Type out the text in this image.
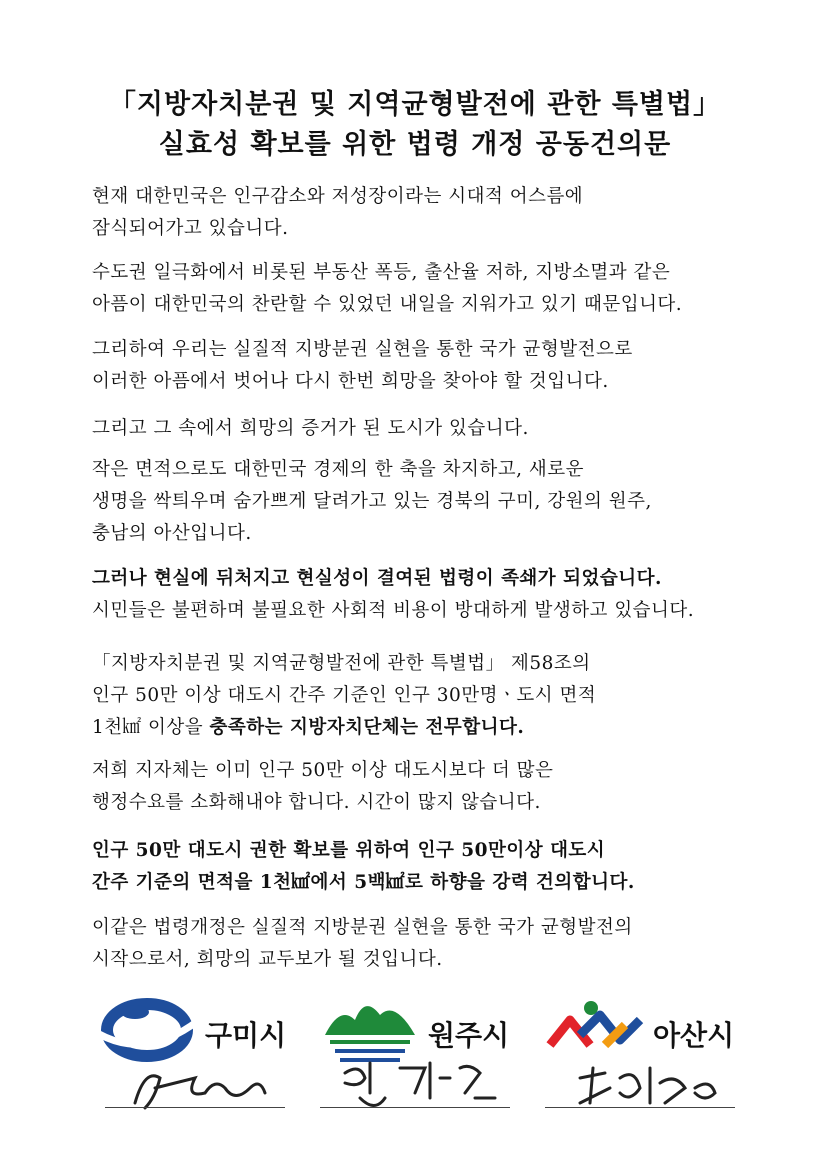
「지방자치분권 및 지역균형발전에 관한 특별법」
실효성 확보를 위한 법령 개정 공동건의문
현재 대한민국은 인구감소와 저성장이라는 시대적 어스름에
잠식되어가고 있습니다.
수도권 일극화에서 비롯된 부동산 폭등, 출산율 저하, 지방소멸과 같은
아픔이 대한민국의 찬란할 수 있었던 내일을 지워가고 있기 때문입니다.
그리하여 우리는 실질적 지방분권 실현을 통한 국가 균형발전으로
이러한 아픔에서 벗어나 다시 한번 희망을 찾아야 할 것입니다.
그리고 그 속에서 희망의 증거가 된 도시가 있습니다.
작은 면적으로도 대한민국 경제의 한 축을 차지하고, 새로운
생명을 싹틔우며 숨가쁘게 달려가고 있는 경북의 구미, 강원의 원주,
충남의 아산입니다.
그러나 현실에 뒤처지고 현실성이 결여된 법령이 족쇄가 되었습니다.
시민들은 불편하며 불필요한 사회적 비용이 방대하게 발생하고 있습니다.
「지방자치분권 및 지역균형발전에 관한 특별법」 제58조의
인구 50만 이상 대도시 간주 기준인 인구 30만명ㆍ도시 면적
1천㎢ 이상을 충족하는 지방자치단체는 전무합니다.
저희 지자체는 이미 인구 50만 이상 대도시보다 더 많은
행정수요를 소화해내야 합니다. 시간이 많지 않습니다.
인구 50만 대도시 권한 확보를 위하여 인구 50만이상 대도시
간주 기준의 면적을 1천㎢에서 5백㎢로 하향을 강력 건의합니다.
이같은 법령개정은 실질적 지방분권 실현을 통한 국가 균형발전의
시작으로서, 희망의 교두보가 될 것입니다.
구미시	원주시	아산시
